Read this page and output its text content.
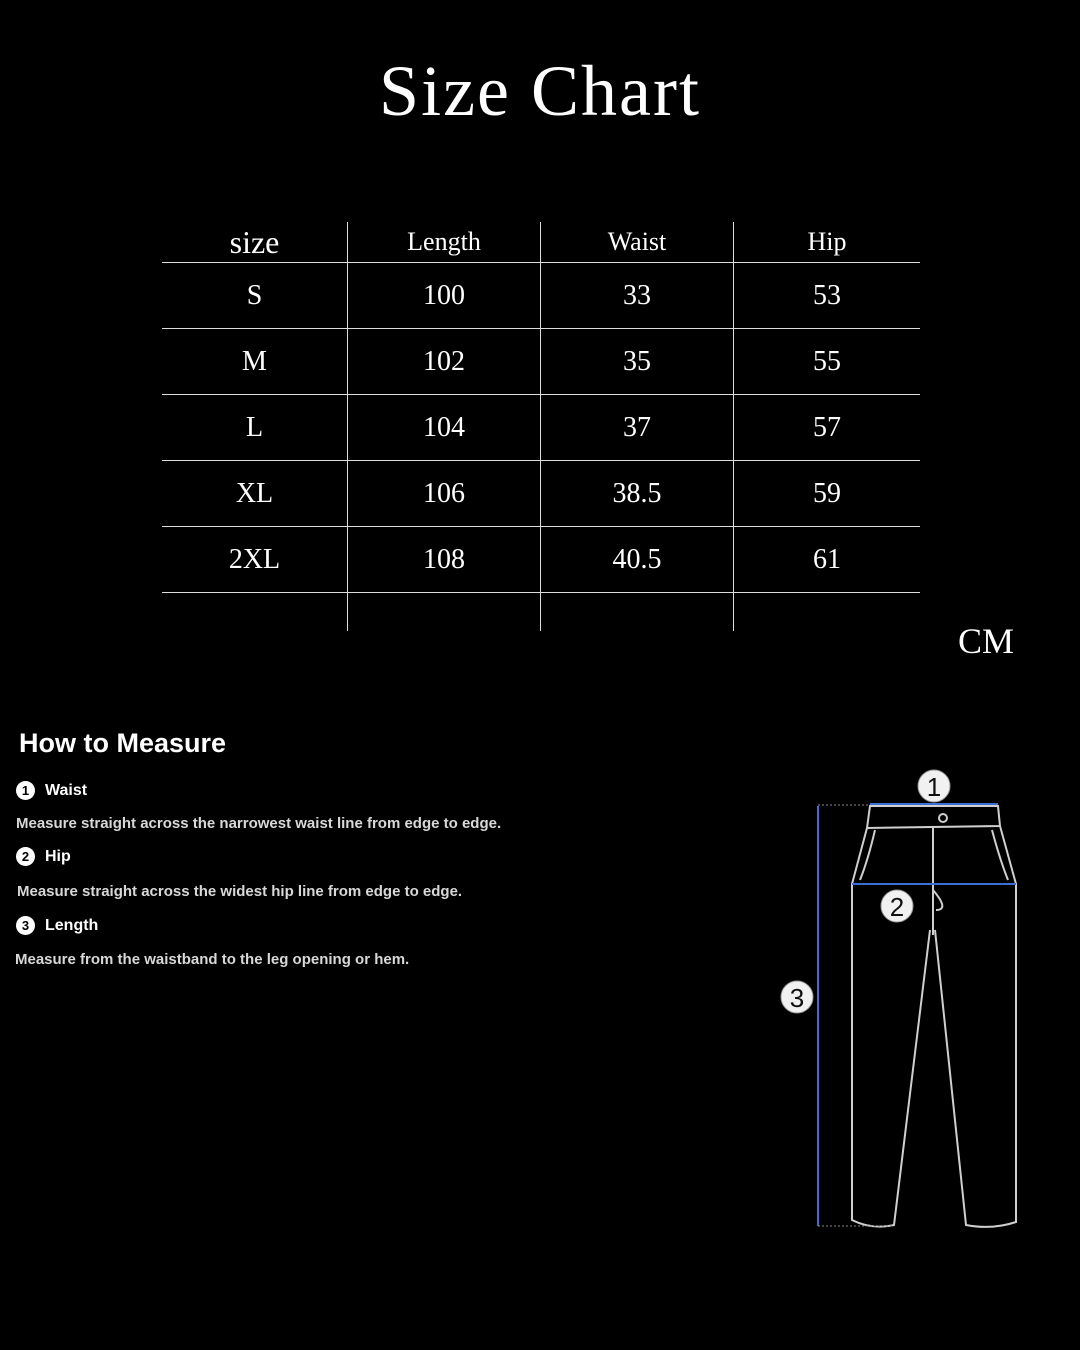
Size Chart
size	Length	Waist	Hip
S	100	33	53
M	102	35	55
L	104	37	57
XL	106	38.5	59
2XL	108	40.5	61

CM
How to Measure
1 Waist
Measure straight across the narrowest waist line from edge to edge.
2 Hip
Measure straight across the widest hip line from edge to edge.
3 Length
Measure from the waistband to the leg opening or hem.
1
2
3
